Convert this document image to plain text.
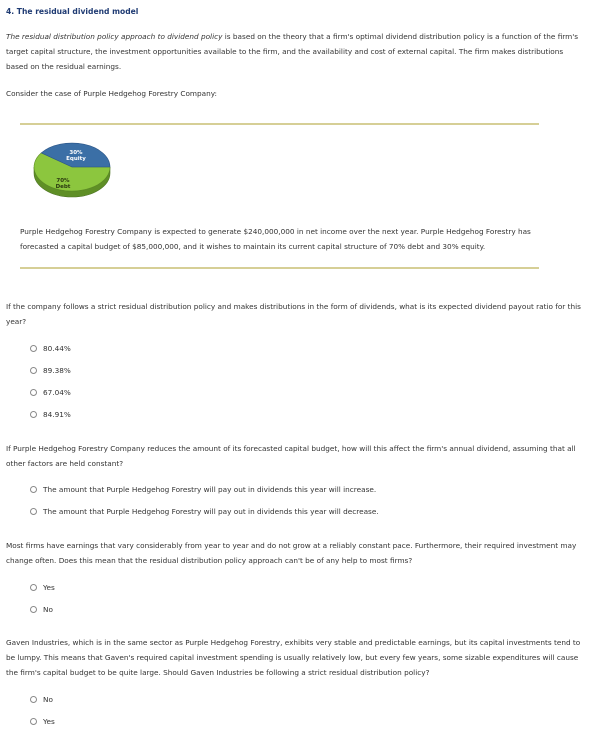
4. The residual dividend model
The residual distribution policy approach to dividend policy is based on the theory that a firm's optimal dividend distribution policy is a function of the firm's target capital structure, the investment opportunities available to the firm, and the availability and cost of external capital. The firm makes distributions based on the residual earnings.
Consider the case of Purple Hedgehog Forestry Company:
30%
Equity
70%
Debt
Purple Hedgehog Forestry Company is expected to generate $240,000,000 in net income over the next year. Purple Hedgehog Forestry has forecasted a capital budget of $85,000,000, and it wishes to maintain its current capital structure of 70% debt and 30% equity.
If the company follows a strict residual distribution policy and makes distributions in the form of dividends, what is its expected dividend payout ratio for this year?
80.44%
89.38%
67.04%
84.91%
If Purple Hedgehog Forestry Company reduces the amount of its forecasted capital budget, how will this affect the firm's annual dividend, assuming that all other factors are held constant?
The amount that Purple Hedgehog Forestry will pay out in dividends this year will increase.
The amount that Purple Hedgehog Forestry will pay out in dividends this year will decrease.
Most firms have earnings that vary considerably from year to year and do not grow at a reliably constant pace. Furthermore, their required investment may change often. Does this mean that the residual distribution policy approach can't be of any help to most firms?
Yes
No
Gaven Industries, which is in the same sector as Purple Hedgehog Forestry, exhibits very stable and predictable earnings, but its capital investments tend to be lumpy. This means that Gaven's required capital investment spending is usually relatively low, but every few years, some sizable expenditures will cause the firm's capital budget to be quite large. Should Gaven Industries be following a strict residual distribution policy?
No
Yes
